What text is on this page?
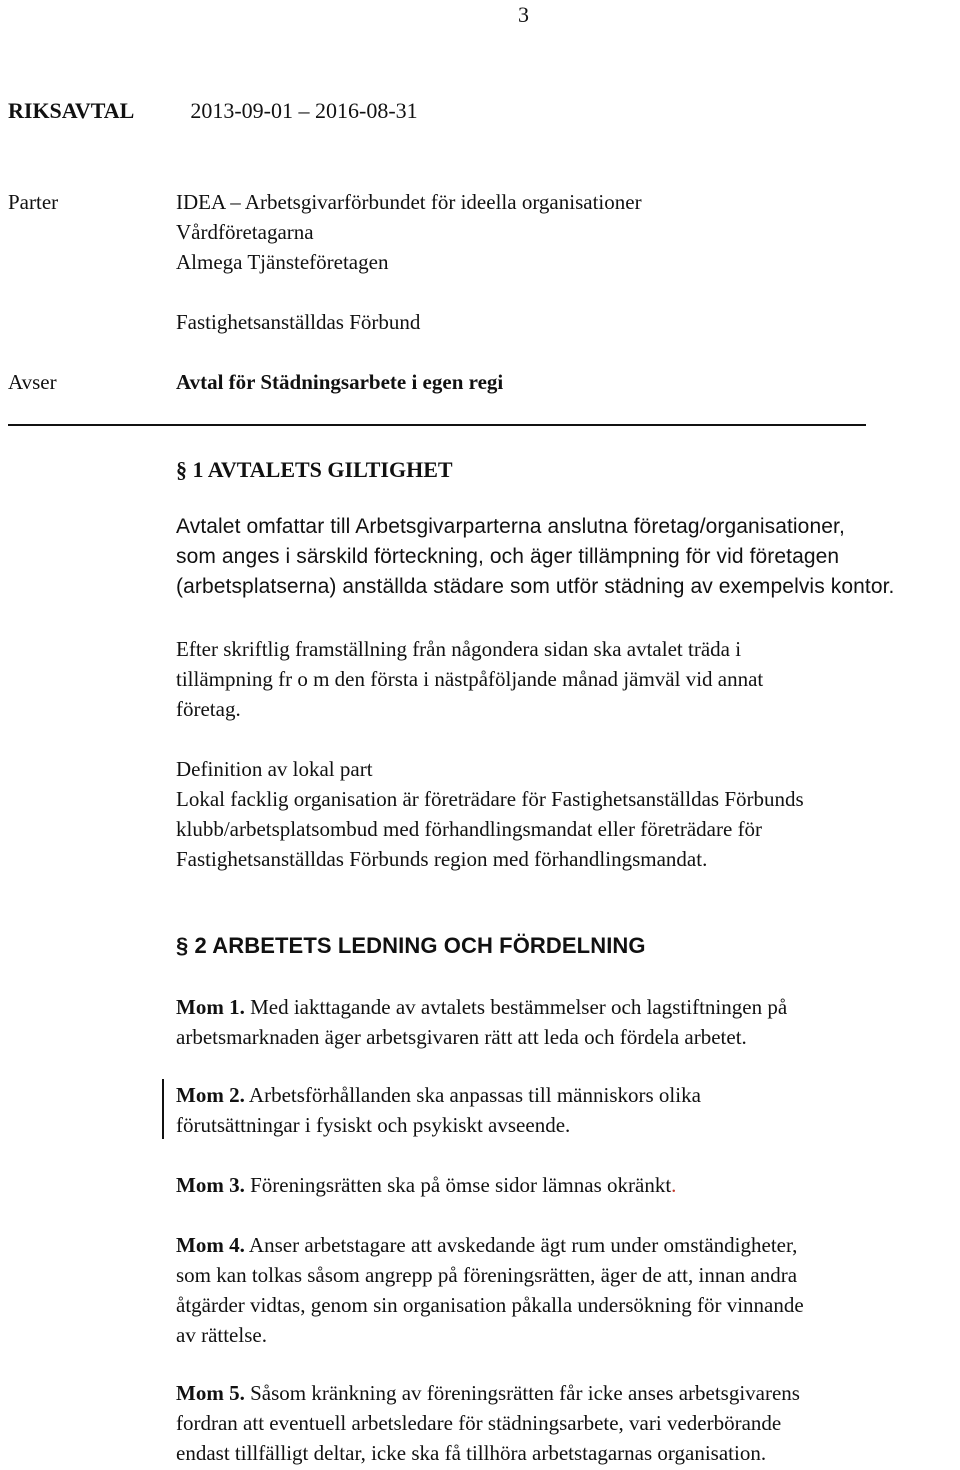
3
RIKSAVTAL	2013-09-01 – 2016-08-31
Parter	IDEA – Arbetsgivarförbundet för ideella organisationer
Vårdföretagarna
Almega Tjänsteföretagen
Fastighetsanställdas Förbund
Avser	Avtal för Städningsarbete i egen regi
§ 1 AVTALETS GILTIGHET
Avtalet omfattar till Arbetsgivarparterna anslutna företag/organisationer,
som anges i särskild förteckning, och äger tillämpning för vid företagen
(arbetsplatserna) anställda städare som utför städning av exempelvis kontor.
Efter skriftlig framställning från någondera sidan ska avtalet träda i
tillämpning fr o m den första i nästpåföljande månad jämväl vid annat
företag.
Definition av lokal part
Lokal facklig organisation är företrädare för Fastighetsanställdas Förbunds
klubb/arbetsplatsombud med förhandlingsmandat eller företrädare för
Fastighetsanställdas Förbunds region med förhandlingsmandat.
§ 2 ARBETETS LEDNING OCH FÖRDELNING
Mom 1. Med iakttagande av avtalets bestämmelser och lagstiftningen på
arbetsmarknaden äger arbetsgivaren rätt att leda och fördela arbetet.
Mom 2. Arbetsförhållanden ska anpassas till människors olika
förutsättningar i fysiskt och psykiskt avseende.
Mom 3. Föreningsrätten ska på ömse sidor lämnas okränkt.
Mom 4. Anser arbetstagare att avskedande ägt rum under omständigheter,
som kan tolkas såsom angrepp på föreningsrätten, äger de att, innan andra
åtgärder vidtas, genom sin organisation påkalla undersökning för vinnande
av rättelse.
Mom 5. Såsom kränkning av föreningsrätten får icke anses arbetsgivarens
fordran att eventuell arbetsledare för städningsarbete, vari vederbörande
endast tillfälligt deltar, icke ska få tillhöra arbetstagarnas organisation.
